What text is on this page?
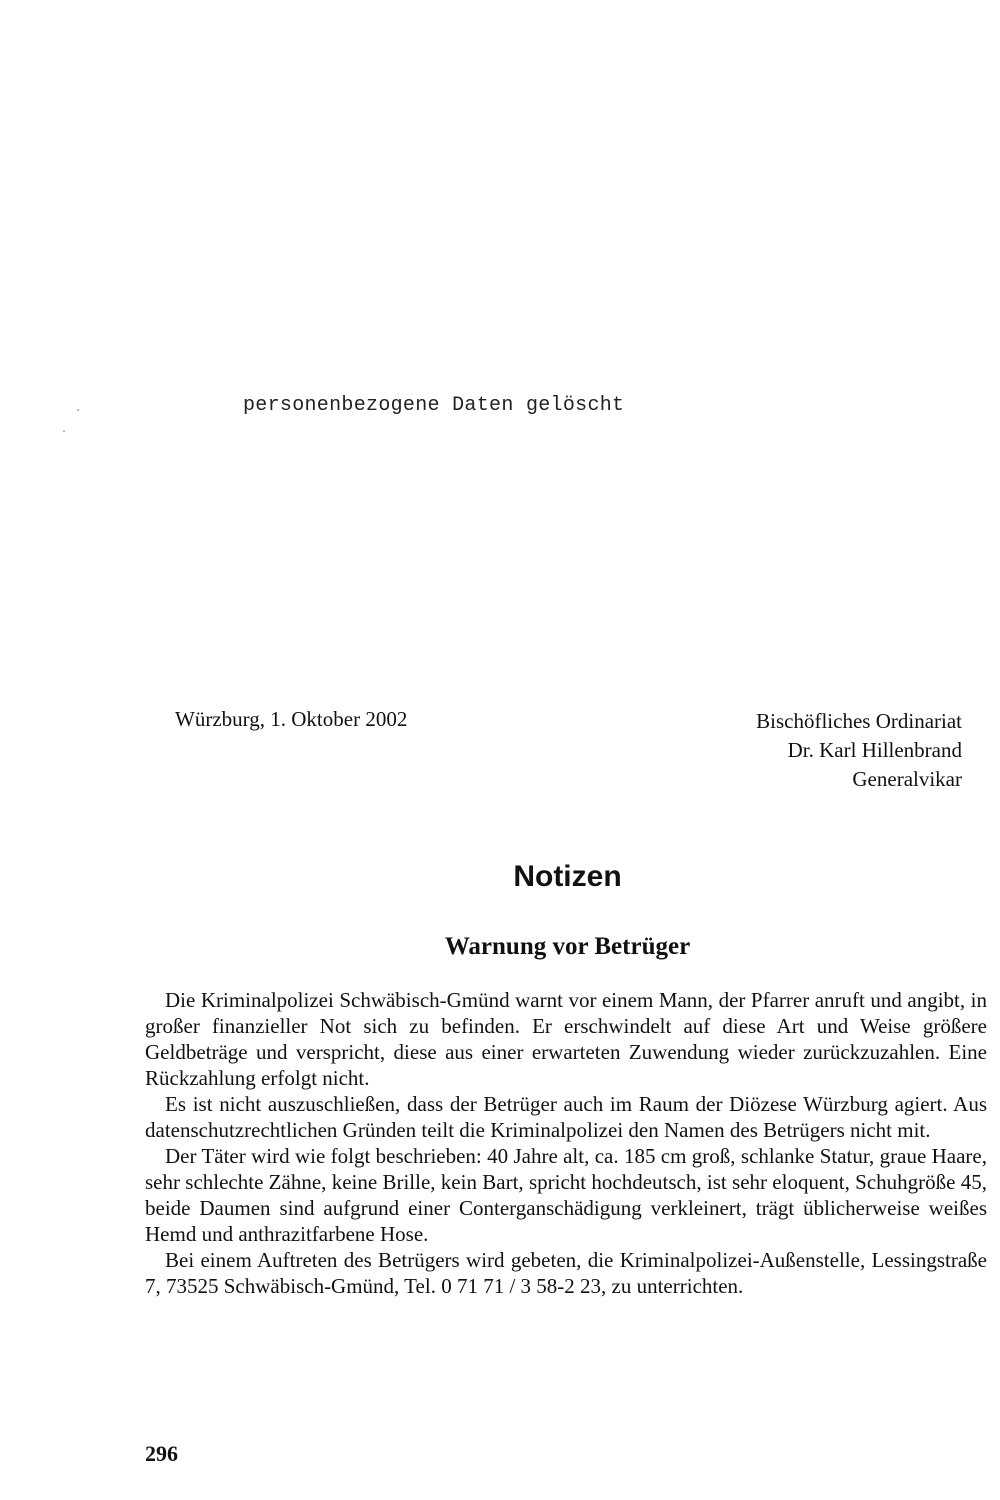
personenbezogene Daten gelöscht
Würzburg, 1. Oktober 2002	Bischöfliches Ordinariat
Dr. Karl Hillenbrand
Generalvikar
Notizen
Warnung vor Betrüger

Die Kriminalpolizei Schwäbisch-Gmünd warnt vor einem Mann, der Pfarrer anruft und angibt, in großer finanzieller Not sich zu befinden. Er erschwindelt auf diese Art und Weise größere Geldbeträge und verspricht, diese aus einer erwarteten Zuwendung wieder zurückzuzahlen. Eine Rückzahlung erfolgt nicht.

Es ist nicht auszuschließen, dass der Betrüger auch im Raum der Diözese Würzburg agiert. Aus datenschutzrechtlichen Gründen teilt die Kriminalpolizei den Namen des Betrügers nicht mit.

Der Täter wird wie folgt beschrieben: 40 Jahre alt, ca. 185 cm groß, schlanke Statur, graue Haare, sehr schlechte Zähne, keine Brille, kein Bart, spricht hochdeutsch, ist sehr eloquent, Schuhgröße 45, beide Daumen sind aufgrund einer Conterganschädigung verkleinert, trägt üblicherweise weißes Hemd und anthrazitfarbene Hose.

Bei einem Auftreten des Betrügers wird gebeten, die Kriminalpolizei-Außenstelle, Lessingstraße 7, 73525 Schwäbisch-Gmünd, Tel. 0 71 71 / 3 58-2 23, zu unterrichten.

296
